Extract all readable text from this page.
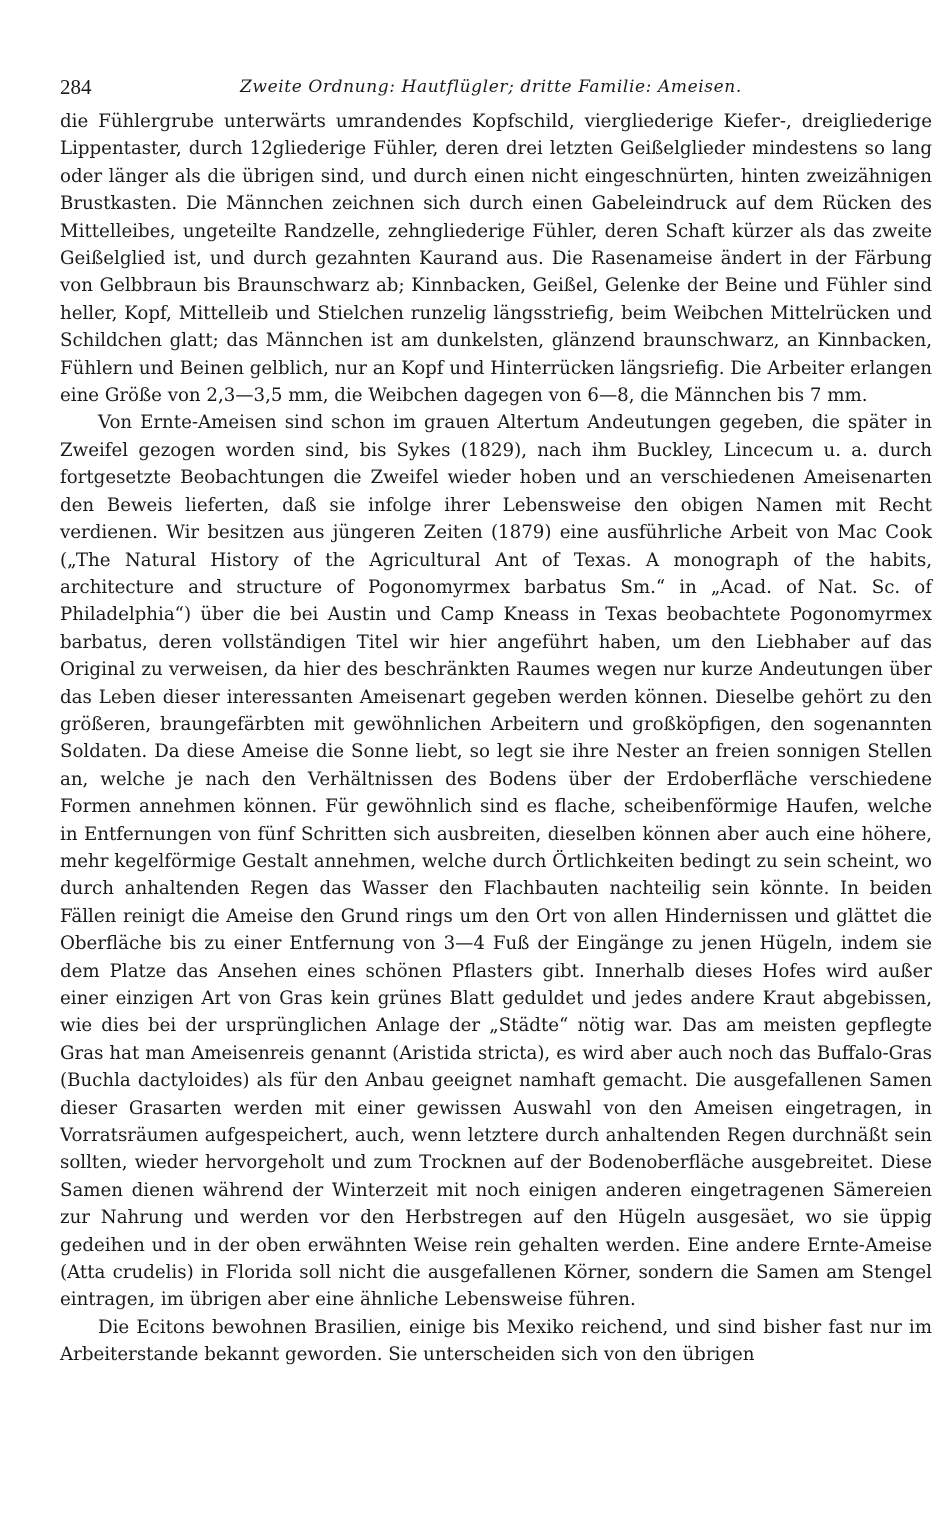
284	Zweite Ordnung: Hautflügler; dritte Familie: Ameisen.

die Fühlergrube unterwärts umrandendes Kopfschild, viergliederige Kiefer-, dreigliederige Lippentaster, durch 12gliederige Fühler, deren drei letzten Geißelglieder mindestens so lang oder länger als die übrigen sind, und durch einen nicht eingeschnürten, hinten zweizähnigen Brustkasten. Die Männchen zeichnen sich durch einen Gabeleindruck auf dem Rücken des Mittelleibes, ungeteilte Randzelle, zehngliederige Fühler, deren Schaft kürzer als das zweite Geißelglied ist, und durch gezahnten Kaurand aus. Die Rasenameise ändert in der Färbung von Gelbbraun bis Braunschwarz ab; Kinnbacken, Geißel, Gelenke der Beine und Fühler sind heller, Kopf, Mittelleib und Stielchen runzelig längsstriefig, beim Weibchen Mittelrücken und Schildchen glatt; das Männchen ist am dunkelsten, glänzend braunschwarz, an Kinnbacken, Fühlern und Beinen gelblich, nur an Kopf und Hinterrücken längsriefig. Die Arbeiter erlangen eine Größe von 2,3—3,5 mm, die Weibchen dagegen von 6—8, die Männchen bis 7 mm.

Von Ernte-Ameisen sind schon im grauen Altertum Andeutungen gegeben, die später in Zweifel gezogen worden sind, bis Sykes (1829), nach ihm Buckley, Lincecum u. a. durch fortgesetzte Beobachtungen die Zweifel wieder hoben und an verschiedenen Ameisenarten den Beweis lieferten, daß sie infolge ihrer Lebensweise den obigen Namen mit Recht verdienen. Wir besitzen aus jüngeren Zeiten (1879) eine ausführliche Arbeit von Mac Cook („The Natural History of the Agricultural Ant of Texas. A monograph of the habits, architecture and structure of Pogonomyrmex barbatus Sm.“ in „Acad. of Nat. Sc. of Philadelphia“) über die bei Austin und Camp Kneass in Texas beobachtete Pogonomyrmex barbatus, deren vollständigen Titel wir hier angeführt haben, um den Liebhaber auf das Original zu verweisen, da hier des beschränkten Raumes wegen nur kurze Andeutungen über das Leben dieser interessanten Ameisenart gegeben werden können. Dieselbe gehört zu den größeren, braungefärbten mit gewöhnlichen Arbeitern und großköpfigen, den sogenannten Soldaten. Da diese Ameise die Sonne liebt, so legt sie ihre Nester an freien sonnigen Stellen an, welche je nach den Verhältnissen des Bodens über der Erdoberfläche verschiedene Formen annehmen können. Für gewöhnlich sind es flache, scheibenförmige Haufen, welche in Entfernungen von fünf Schritten sich ausbreiten, dieselben können aber auch eine höhere, mehr kegelförmige Gestalt annehmen, welche durch Örtlichkeiten bedingt zu sein scheint, wo durch anhaltenden Regen das Wasser den Flachbauten nachteilig sein könnte. In beiden Fällen reinigt die Ameise den Grund rings um den Ort von allen Hindernissen und glättet die Oberfläche bis zu einer Entfernung von 3—4 Fuß der Eingänge zu jenen Hügeln, indem sie dem Platze das Ansehen eines schönen Pflasters gibt. Innerhalb dieses Hofes wird außer einer einzigen Art von Gras kein grünes Blatt geduldet und jedes andere Kraut abgebissen, wie dies bei der ursprünglichen Anlage der „Städte“ nötig war. Das am meisten gepflegte Gras hat man Ameisenreis genannt (Aristida stricta), es wird aber auch noch das Buffalo-Gras (Buchla dactyloides) als für den Anbau geeignet namhaft gemacht. Die ausgefallenen Samen dieser Grasarten werden mit einer gewissen Auswahl von den Ameisen eingetragen, in Vorratsräumen aufgespeichert, auch, wenn letztere durch anhaltenden Regen durchnäßt sein sollten, wieder hervorgeholt und zum Trocknen auf der Bodenoberfläche ausgebreitet. Diese Samen dienen während der Winterzeit mit noch einigen anderen eingetragenen Sämereien zur Nahrung und werden vor den Herbstregen auf den Hügeln ausgesäet, wo sie üppig gedeihen und in der oben erwähnten Weise rein gehalten werden. Eine andere Ernte-Ameise (Atta crudelis) in Florida soll nicht die ausgefallenen Körner, sondern die Samen am Stengel eintragen, im übrigen aber eine ähnliche Lebensweise führen.

Die Ecitons bewohnen Brasilien, einige bis Mexiko reichend, und sind bisher fast nur im Arbeiterstande bekannt geworden. Sie unterscheiden sich von den übrigen
